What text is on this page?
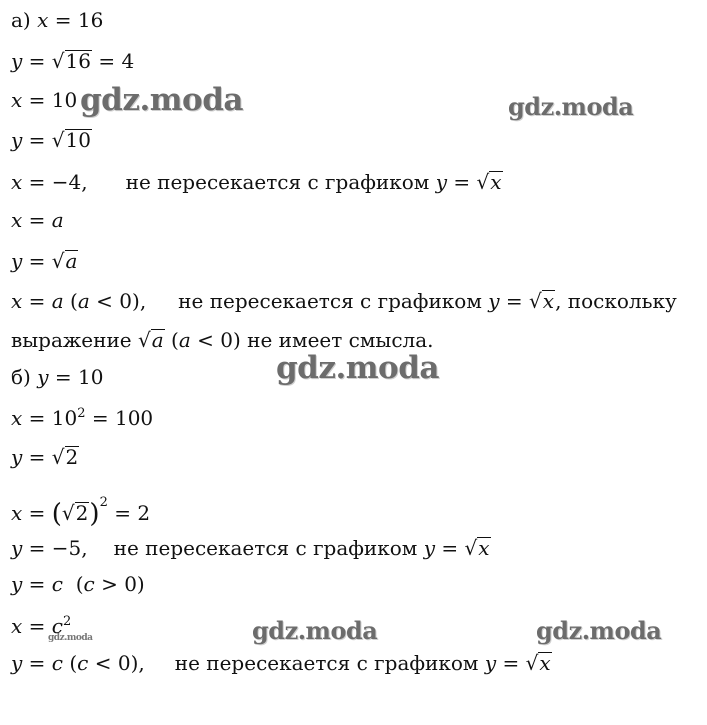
а) x = 16
y = √16 = 4
x = 10
y = √10
x = −4, не пересекается с графиком y = √x
x = a
y = √a
x = a (a < 0), не пересекается с графиком y = √x, поскольку
выражение √a (a < 0) не имеет смысла.
б) y = 10
$x = 10^2 = 100$
y = √2
$x = (√2)^2 = 2$
y = −5, не пересекается с графиком y = √x
y = c  (c > 0)
$x = c^2$
y = c (c < 0), не пересекается с графиком y = √x
gdz.moda	gdz.moda
gdz.moda
gdz.moda	gdz.moda
gdz.moda
